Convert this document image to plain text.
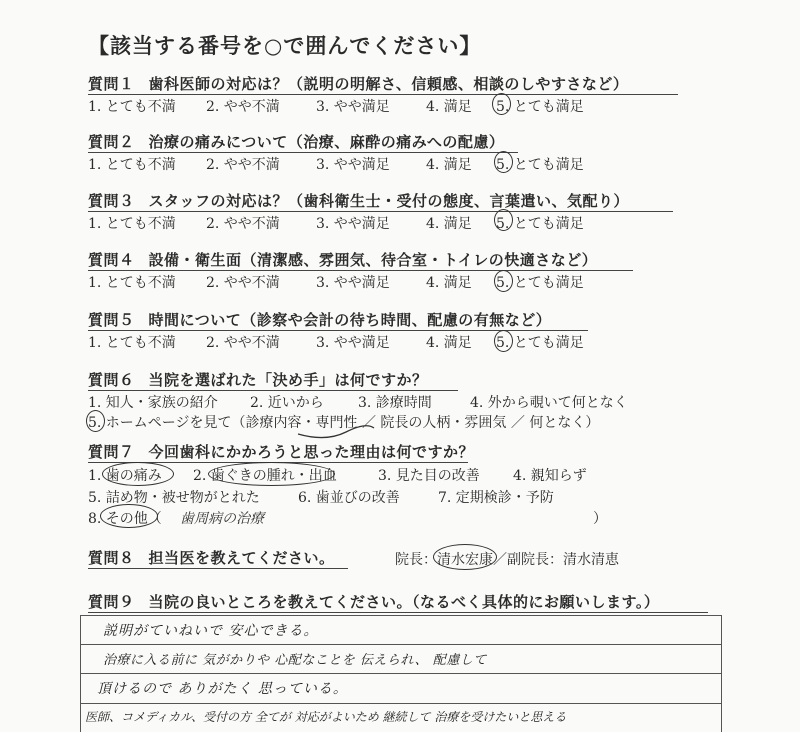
【該当する番号を○で囲んでください】
質問１ 歯科医師の対応は？（説明の明解さ、信頼感、相談のしやすさなど）
1. とても不満 2. やや不満	3. やや満足	4. 満足 5. とても満足
質問２ 治療の痛みについて（治療、麻酔の痛みへの配慮）
1. とても不満 2. やや不満	3. やや満足	4. 満足 5. とても満足
質問３ スタッフの対応は？（歯科衛生士・受付の態度、言葉遣い、気配り）
1. とても不満 2. やや不満	3. やや満足	4. 満足 5. とても満足
質問４ 設備・衛生面（清潔感、雰囲気、待合室・トイレの快適さなど）
1. とても不満 2. やや不満	3. やや満足	4. 満足 5. とても満足
質問５ 時間について（診察や会計の待ち時間、配慮の有無など）
1. とても不満 2. やや不満	3. やや満足	4. 満足 5. とても満足
質問６ 当院を選ばれた「決め手」は何ですか？
1. 知人・家族の紹介 2. 近いから 3. 診療時間	4. 外から覗いて何となく
5. ホームページを見て（診療内容・専門性 ／ 院長の人柄・雰囲気 ／ 何となく）
質問７ 今回歯科にかかろうと思った理由は何ですか？
1. 歯の痛み 2. 歯ぐきの腫れ・出血	3. 見た目の改善 4. 親知らず
5. 詰め物・被せ物がとれた	6. 歯並びの改善	7. 定期検診・予防
8. その他（	）
歯周病の治療
質問８ 担当医を教えてください。	院長：清水宏康／副院長：清水清恵
質問９ 当院の良いところを教えてください。（なるべく具体的にお願いします。）
説明がていねいで 安心できる。
治療に入る前に 気がかりや 心配なことを 伝えられ、 配慮して
頂けるので ありがたく 思っている。
医師、コメディカル、受付の方 全てが 対応がよいため 継続して 治療を受けたいと思える
